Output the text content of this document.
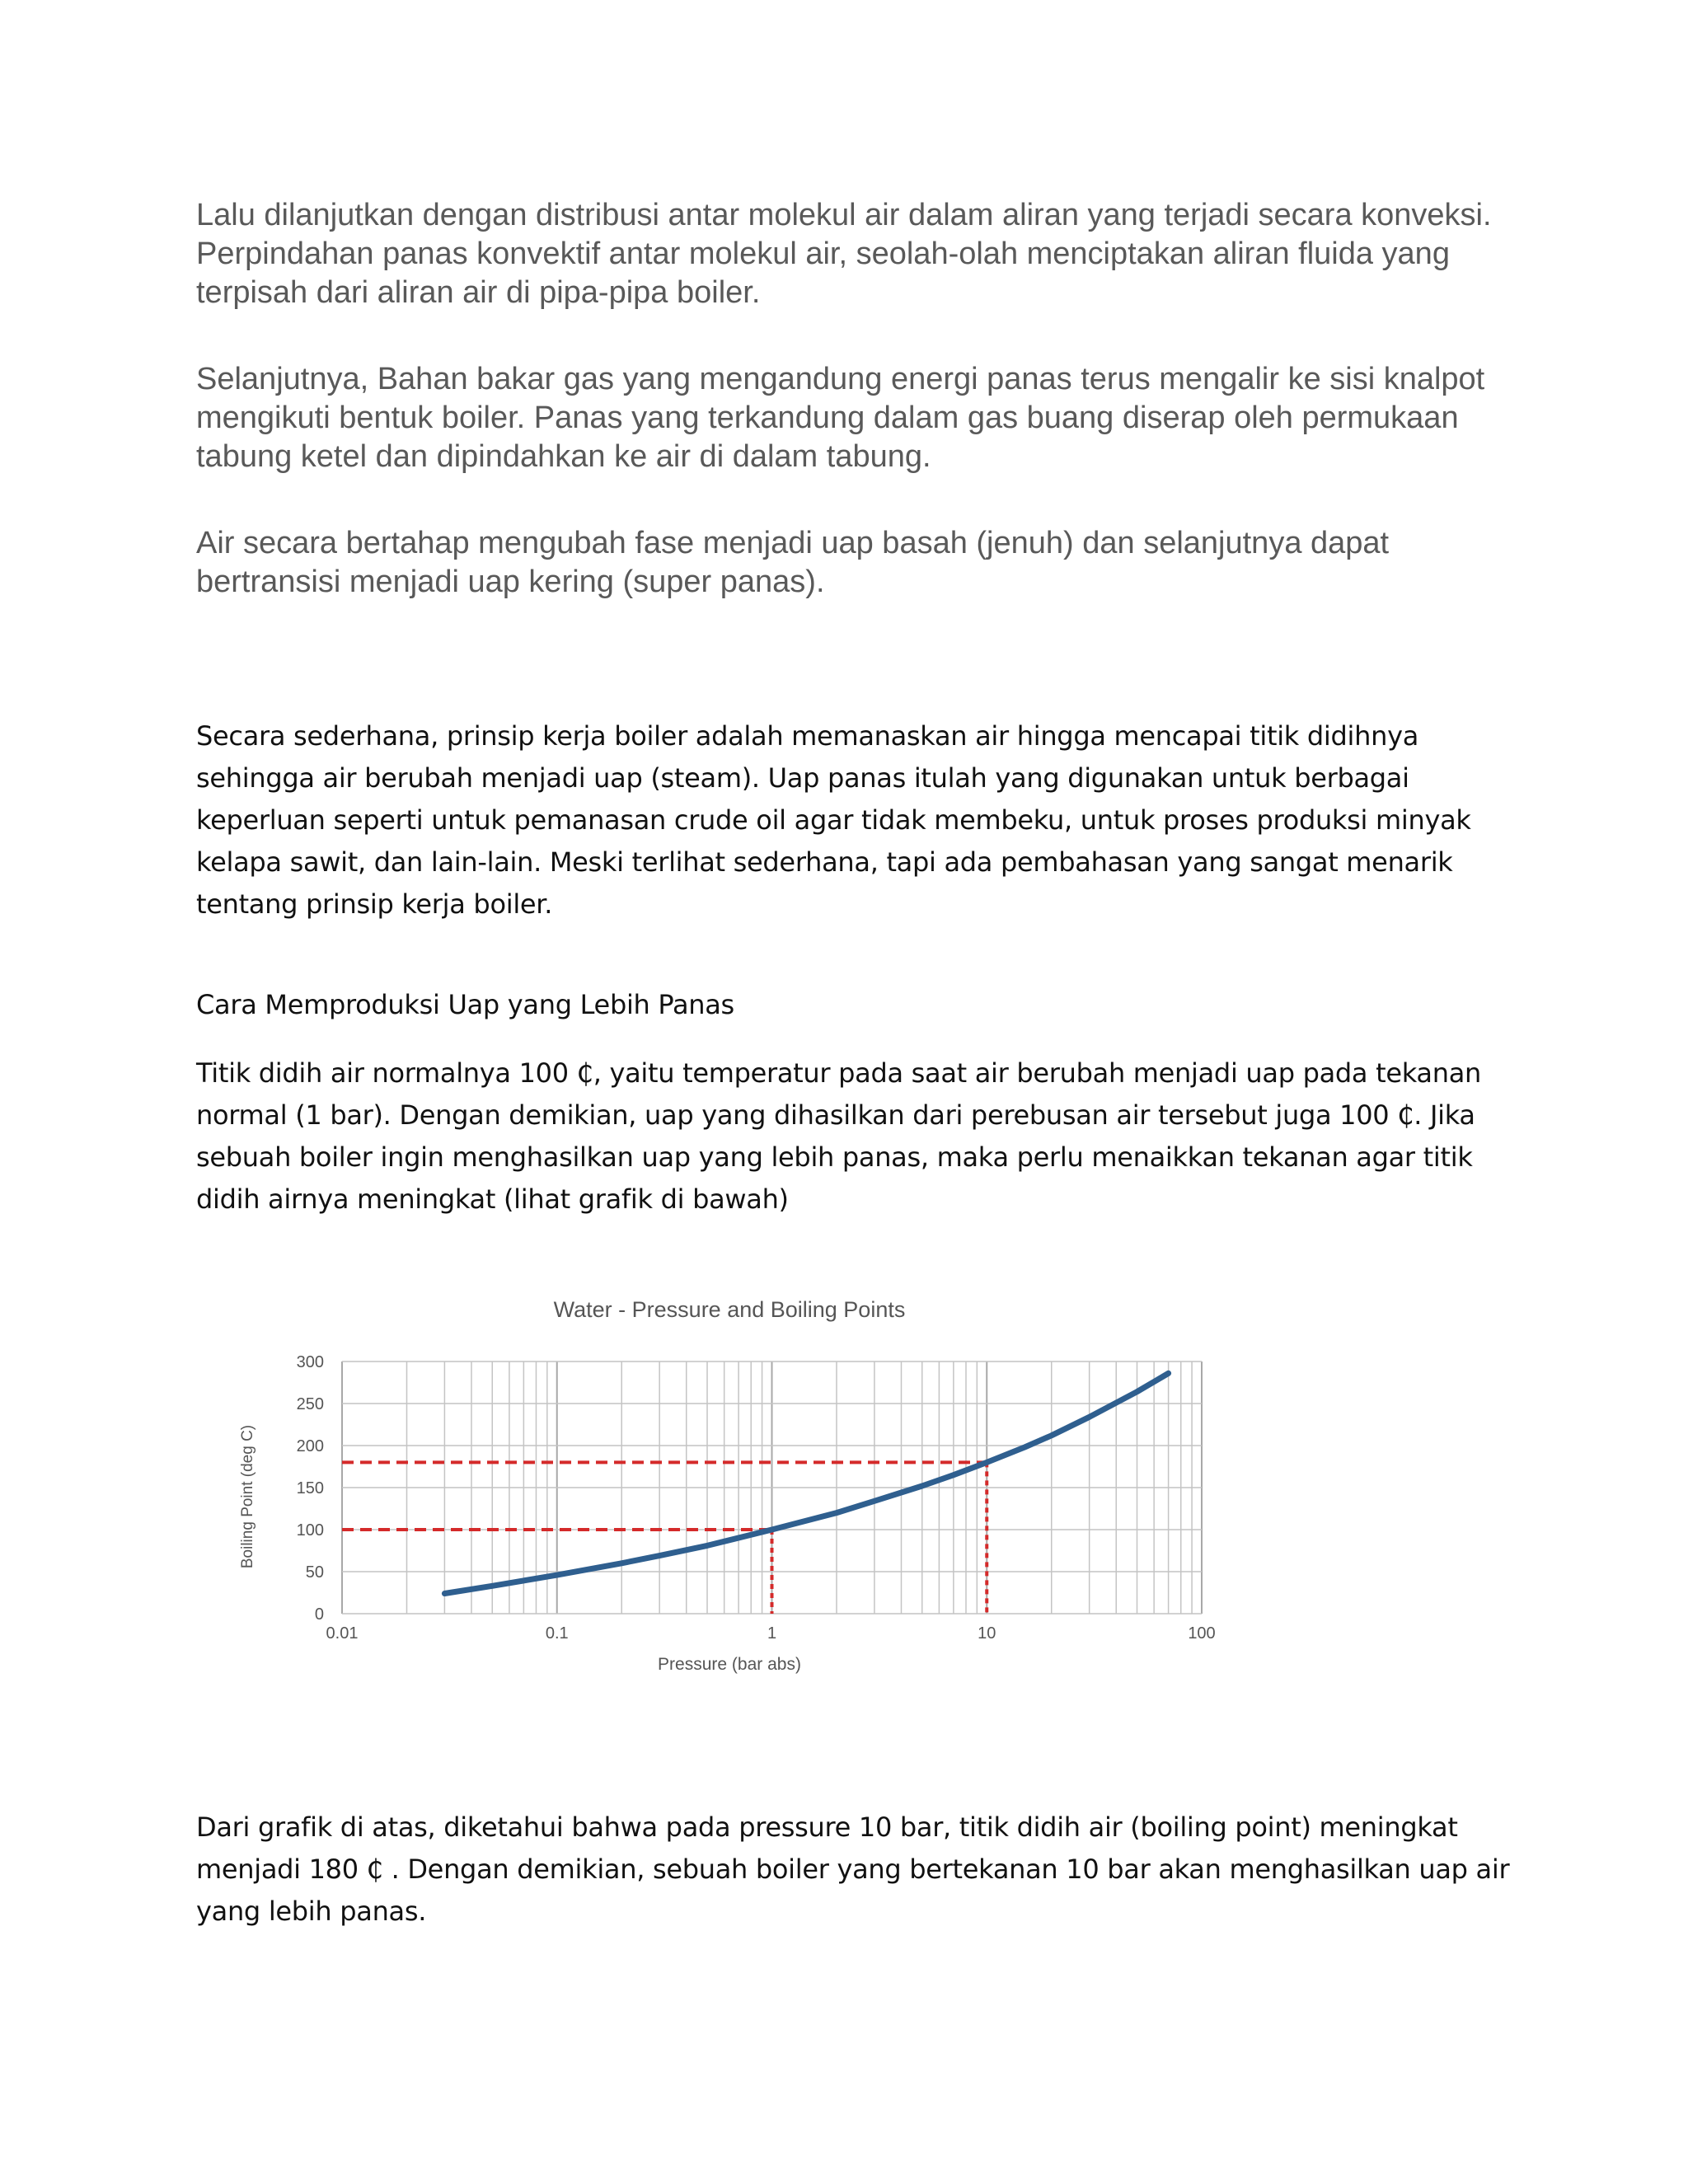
Lalu dilanjutkan dengan distribusi antar molekul air dalam aliran yang terjadi secara konveksi. Perpindahan panas konvektif antar molekul air, seolah-olah menciptakan aliran fluida yang terpisah dari aliran air di pipa-pipa boiler.

Selanjutnya, Bahan bakar gas yang mengandung energi panas terus mengalir ke sisi knalpot mengikuti bentuk boiler. Panas yang terkandung dalam gas buang diserap oleh permukaan tabung ketel dan dipindahkan ke air di dalam tabung.

Air secara bertahap mengubah fase menjadi uap basah (jenuh) dan selanjutnya dapat bertransisi menjadi uap kering (super panas).

Secara sederhana, prinsip kerja boiler adalah memanaskan air hingga mencapai titik didihnya sehingga air berubah menjadi uap (steam). Uap panas itulah yang digunakan untuk berbagai keperluan seperti untuk pemanasan crude oil agar tidak membeku, untuk proses produksi minyak kelapa sawit, dan lain-lain. Meski terlihat sederhana, tapi ada pembahasan yang sangat menarik tentang prinsip kerja boiler.

Cara Memproduksi Uap yang Lebih Panas

Titik didih air normalnya 100 ₵, yaitu temperatur pada saat air berubah menjadi uap pada tekanan normal (1 bar). Dengan demikian, uap yang dihasilkan dari perebusan air tersebut juga 100 ₵. Jika sebuah boiler ingin menghasilkan uap yang lebih panas, maka perlu menaikkan tekanan agar titik didih airnya meningkat (lihat grafik di bawah)

0
50
100
150
200
250
300
0.01	0.1	1	10	100
Water - Pressure and Boiling Points
Pressure (bar abs)
Boiling Point (deg C)

Dari grafik di atas, diketahui bahwa pada pressure 10 bar, titik didih air (boiling point) meningkat menjadi 180 ₵ . Dengan demikian, sebuah boiler yang bertekanan 10 bar akan menghasilkan uap air yang lebih panas.
